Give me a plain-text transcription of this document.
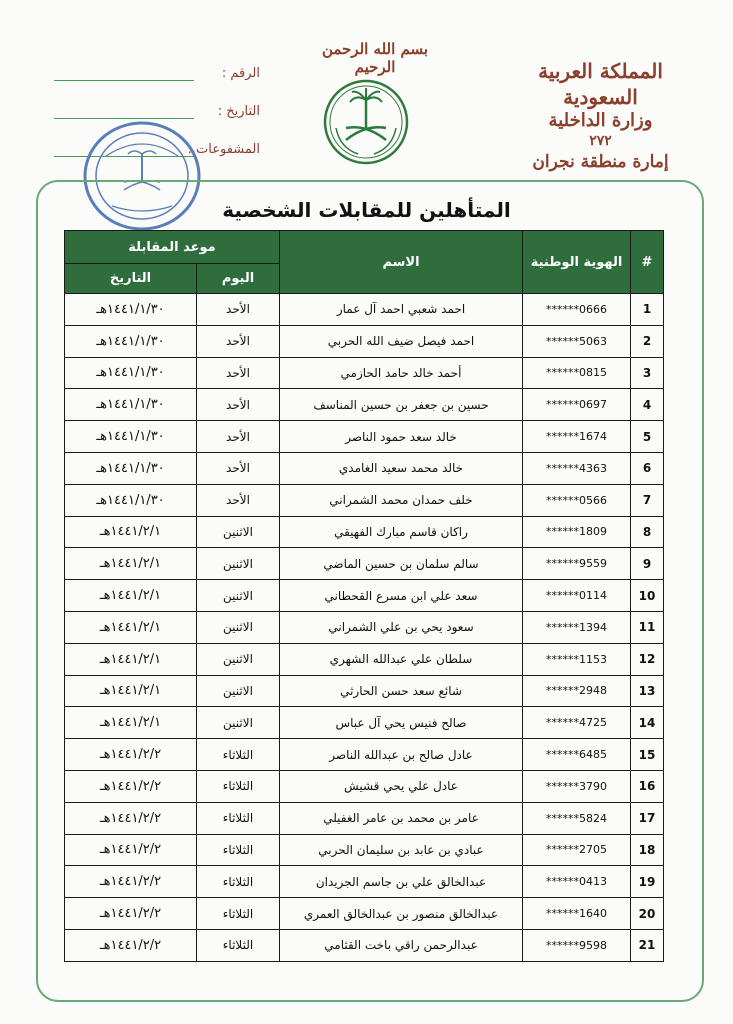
المملكة العربية السعودية
وزارة الداخلية
٢٧٢
إمارة منطقة نجران
بسم الله الرحمن الرحيم
الرقم :
التاريخ :
المشفوعات :
المتأهلين للمقابلات الشخصية
#	الهوية الوطنية	الاسم	موعد المقابلة	
			اليوم	التاريخ
1	******0666	احمد شعبي احمد آل عمار	الأحد	١٤٤١/١/٣٠هـ
2	******5063	احمد فيصل ضيف الله الحربي	الأحد	١٤٤١/١/٣٠هـ
3	******0815	أحمد خالد حامد الحازمي	الأحد	١٤٤١/١/٣٠هـ
4	******0697	حسين بن جعفر بن حسين المناسف	الأحد	١٤٤١/١/٣٠هـ
5	******1674	خالد سعد حمود الناصر	الأحد	١٤٤١/١/٣٠هـ
6	******4363	خالد محمد سعيد الغامدي	الأحد	١٤٤١/١/٣٠هـ
7	******0566	خلف حمدان محمد الشمراني	الأحد	١٤٤١/١/٣٠هـ
8	******1809	راكان قاسم مبارك الفهيقي	الاثنين	١٤٤١/٢/١هـ
9	******9559	سالم سلمان بن حسين الماضي	الاثنين	١٤٤١/٢/١هـ
10	******0114	سعد علي ابن مسرع القحطاني	الاثنين	١٤٤١/٢/١هـ
11	******1394	سعود يحي بن علي الشمراني	الاثنين	١٤٤١/٢/١هـ
12	******1153	سلطان علي عبدالله الشهري	الاثنين	١٤٤١/٢/١هـ
13	******2948	شائع سعد حسن الحارثي	الاثنين	١٤٤١/٢/١هـ
14	******4725	صالح فنيس يحي آل عباس	الاثنين	١٤٤١/٢/١هـ
15	******6485	عادل صالح بن عبدالله الناصر	الثلاثاء	١٤٤١/٢/٢هـ
16	******3790	عادل علي يحي قشيش	الثلاثاء	١٤٤١/٢/٢هـ
17	******5824	عامر بن محمد بن عامر الغفيلي	الثلاثاء	١٤٤١/٢/٢هـ
18	******2705	عبادي بن عابد بن سليمان الحربي	الثلاثاء	١٤٤١/٢/٢هـ
19	******0413	عبدالخالق علي بن جاسم الجريدان	الثلاثاء	١٤٤١/٢/٢هـ
20	******1640	عبدالخالق منصور بن عبدالخالق العمري	الثلاثاء	١٤٤١/٢/٢هـ
21	******9598	عبدالرحمن راقي باخت القثامي	الثلاثاء	١٤٤١/٢/٢هـ
